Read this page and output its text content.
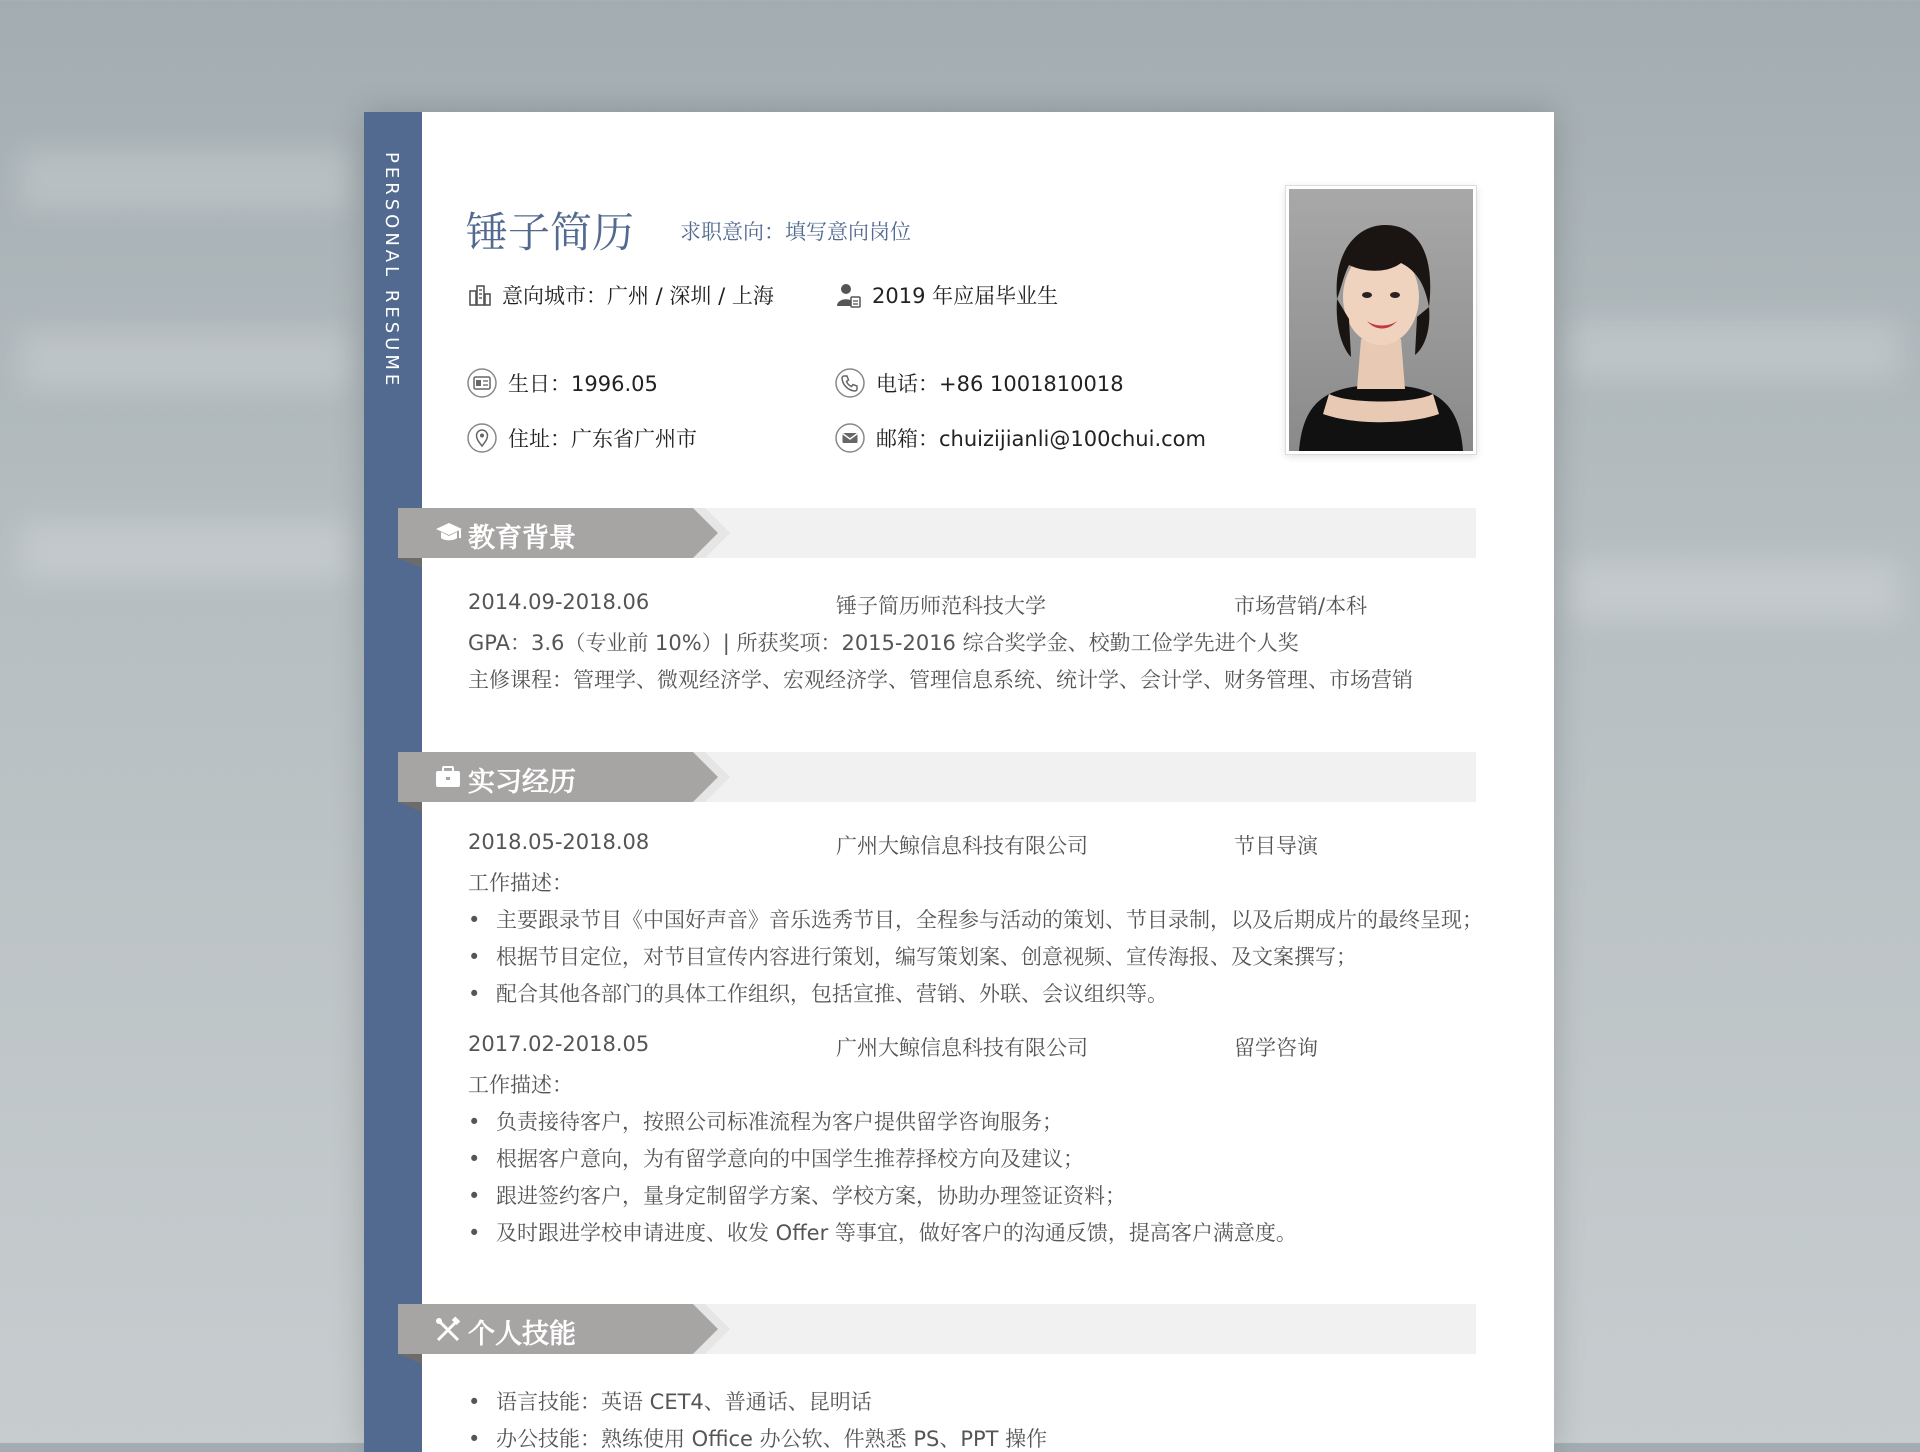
PERSONAL RESUME 锤子简历 求职意向：填写意向岗位
意向城市：广州 / 深圳 / 上海	2019 年应届毕业生
生日：1996.05	电话：+86 1001810018
住址：广东省广州市	邮箱：chuizijianli@100chui.com
教育背景
2014.09-2018.06	锤子简历师范科技大学	市场营销/本科
GPA：3.6（专业前 10%）| 所获奖项：2015-2016 综合奖学金、校勤工俭学先进个人奖
主修课程：管理学、微观经济学、宏观经济学、管理信息系统、统计学、会计学、财务管理、市场营销
实习经历
2018.05-2018.08	广州大鲸信息科技有限公司	节目导演
工作描述：
• 主要跟录节目《中国好声音》音乐选秀节目，全程参与活动的策划、节目录制，以及后期成片的最终呈现；
• 根据节目定位，对节目宣传内容进行策划，编写策划案、创意视频、宣传海报、及文案撰写；
• 配合其他各部门的具体工作组织，包括宣推、营销、外联、会议组织等。
2017.02-2018.05	广州大鲸信息科技有限公司	留学咨询
工作描述：
• 负责接待客户，按照公司标准流程为客户提供留学咨询服务；
• 根据客户意向，为有留学意向的中国学生推荐择校方向及建议；
• 跟进签约客户，量身定制留学方案、学校方案，协助办理签证资料；
• 及时跟进学校申请进度、收发 Offer 等事宜，做好客户的沟通反馈，提高客户满意度。
个人技能
• 语言技能：英语 CET4、普通话、昆明话
• 办公技能：熟练使用 Office 办公软、件熟悉 PS、PPT 操作
